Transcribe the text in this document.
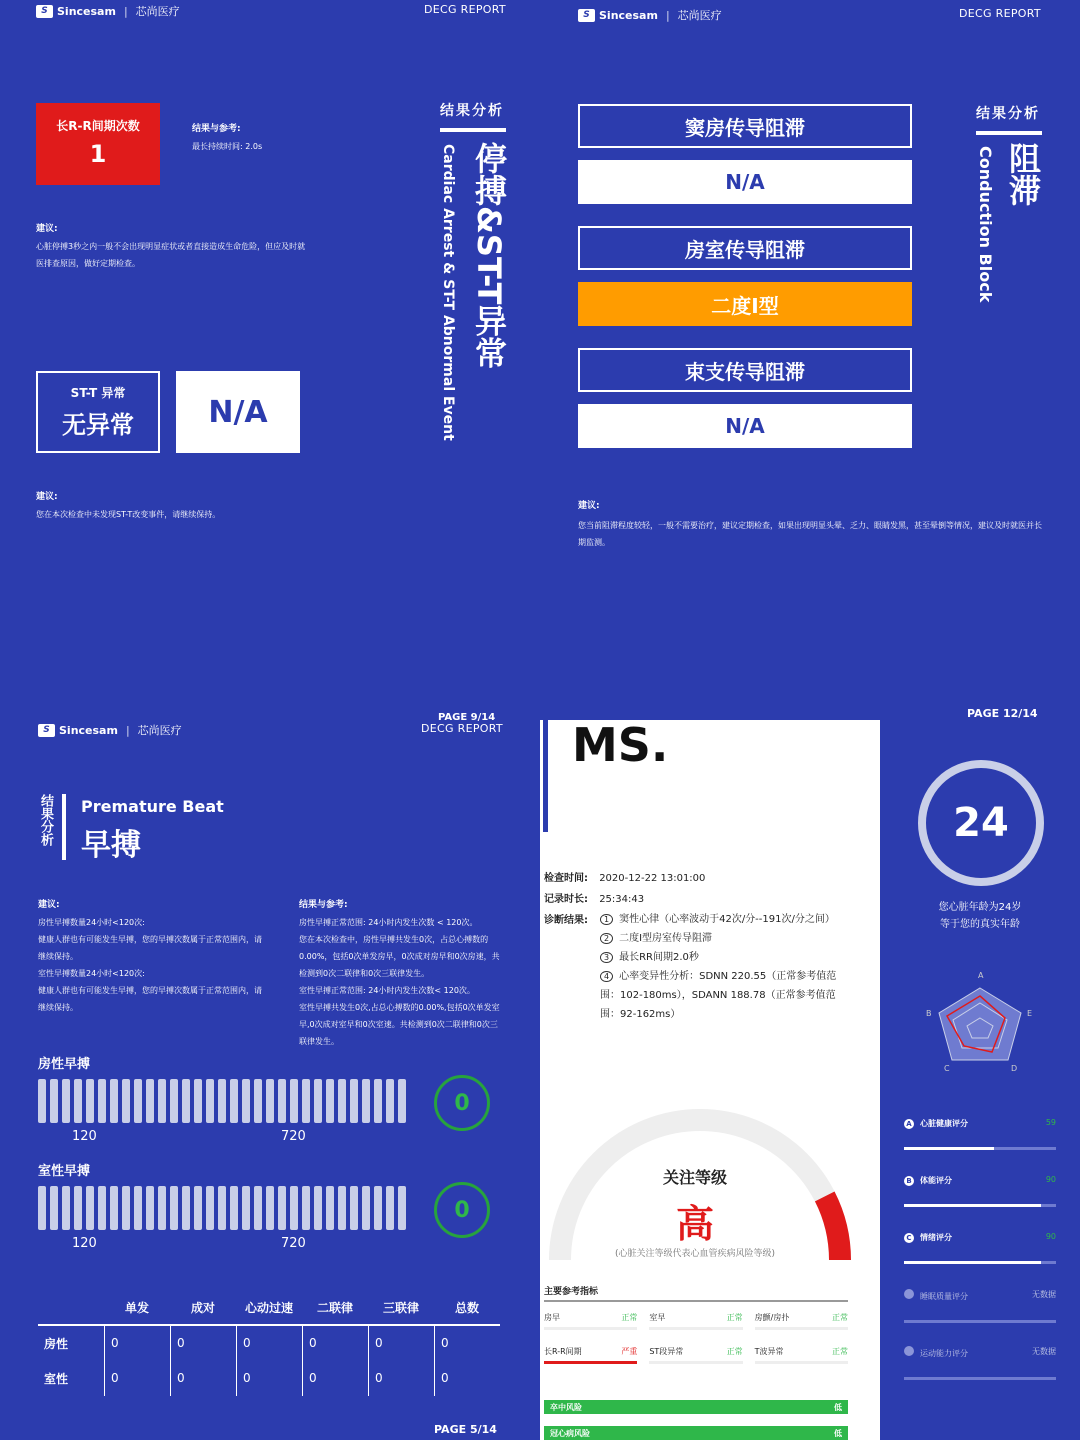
S Sincesam | 芯尚医疗	DECG REPORT
长R-R间期次数
1
结果与参考:
最长持续时间: 2.0s
建议:
心脏停搏3秒之内一般不会出现明显症状或者直接造成生命危险，但应及时就医排查原因，做好定期检查。
ST-T 异常
无异常	N/A
建议:
您在本次检查中未发现ST-T改变事件，请继续保持。
结果分析
停搏&ST-T异常
Cardiac Arrest & ST-T Abnormal Event
S Sincesam | 芯尚医疗	DECG REPORT
窦房传导阻滞
N/A
房室传导阻滞
二度Ⅰ型
束支传导阻滞
N/A
结果分析
阻滞
Conduction Block
建议:
您当前阻滞程度较轻，一般不需要治疗，建议定期检查，如果出现明显头晕、乏力、眼睛发黑，甚至晕倒等情况，建议及时就医并长期监测。
S Sincesam | 芯尚医疗
PAGE 9/14
DECG REPORT
结果分析 Premature Beat
早搏
建议:
房性早搏数量24小时<120次:
健康人群也有可能发生早搏，您的早搏次数属于正常范围内，请继续保持。
室性早搏数量24小时<120次:
健康人群也有可能发生早搏，您的早搏次数属于正常范围内，请继续保持。
结果与参考:
房性早搏正常范围: 24小时内发生次数 < 120次。
您在本次检查中，房性早搏共发生0次，占总心搏数的0.00%，包括0次单发房早，0次成对房早和0次房速，共检测到0次二联律和0次三联律发生。
室性早搏正常范围: 24小时内发生次数< 120次。
室性早搏共发生0次,占总心搏数的0.00%,包括0次单发室早,0次成对室早和0次室速。共检测到0次二联律和0次三联律发生。
房性早搏
120	720
0
室性早搏
120	720
0
单发	成对	心动过速	二联律	三联律	总数
房性	0	0	0	0	0	0
室性	0	0	0	0	0	0
PAGE 5/14
MS.
检查时间: 2020-12-22 13:01:00
记录时长: 25:34:43
诊断结果:	1 窦性心律（心率波动于42次/分--191次/分之间）
2 二度Ⅰ型房室传导阻滞
3 最长RR间期2.0秒
4 心率变异性分析：SDNN 220.55（正常参考值范围：102-180ms），SDANN 188.78（正常参考值范围：92-162ms）
关注等级
高
(心脏关注等级代表心血管疾病风险等级)
主要参考指标
房早	正常 室早	正常 房颤/房扑	正常
长R-R间期	严重 ST段异常	正常 T波异常	正常
卒中风险	低
冠心病风险	低
PAGE 12/14
24
您心脏年龄为24岁
等于您的真实年龄
A
E
D
C
B
A 心脏健康评分	59
B 体能评分	90
C 情绪评分	90
睡眠质量评分	无数据
运动能力评分	无数据
